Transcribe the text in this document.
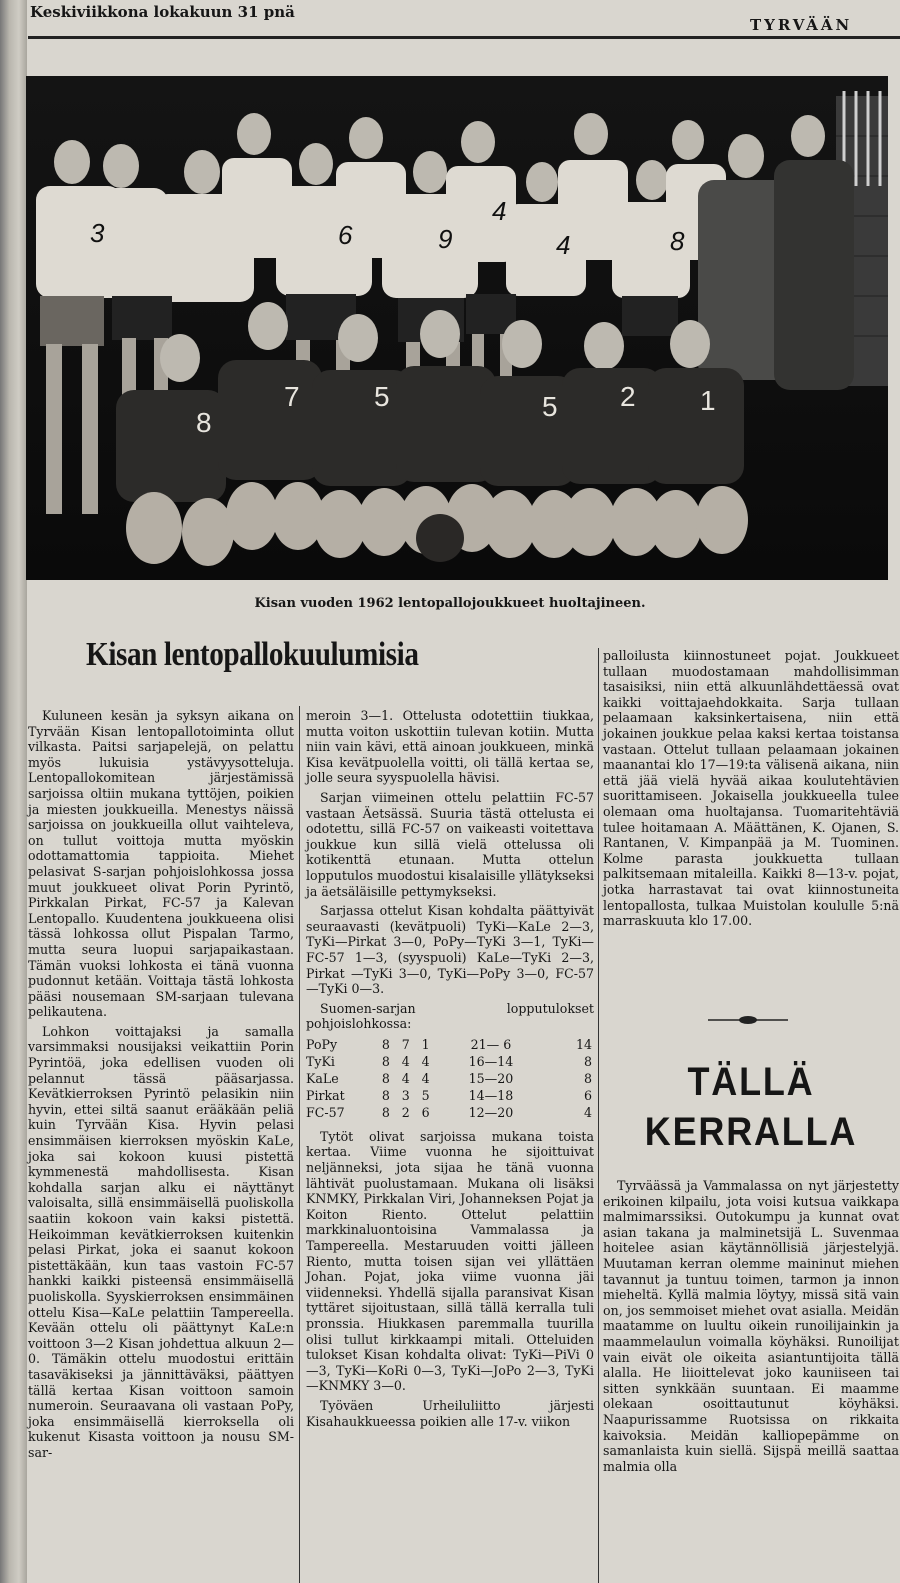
Keskiviikkona lokakuun 31 pnä
TYRVÄÄN
3	6	9
4
4	8
8
7	5	5 2 1
Kisan vuoden 1962 lentopallojoukkueet huoltajineen.
Kisan lentopallokuulumisia

Kuluneen kesän ja syksyn aikana on Tyrvään Kisan lentopallotoiminta ollut vilkasta. Paitsi sarjapelejä, on pelattu myös lukuisia ystävyysotteluja. Lentopallokomitean järjestämissä sarjoissa oltiin mukana tyttöjen, poikien ja miesten joukkueilla. Menestys näissä sarjoissa on joukkueilla ollut vaihteleva, on tullut voittoja mutta myöskin odottamattomia tappioita. Miehet pelasivat S-sarjan pohjoislohkossa jossa muut joukkueet olivat Porin Pyrintö, Pirkkalan Pirkat, FC-57 ja Kalevan Lentopallo. Kuudentena joukkueena olisi tässä lohkossa ollut Pispalan Tarmo, mutta seura luopui sarjapaikastaan. Tämän vuoksi lohkosta ei tänä vuonna pudonnut ketään. Voittaja tästä lohkosta pääsi nousemaan SM-sarjaan tulevana pelikautena.

Lohkon voittajaksi ja samalla varsimmaksi nousijaksi veikattiin Porin Pyrintöä, joka edellisen vuoden oli pelannut tässä pääsarjassa. Kevätkierroksen Pyrintö pelasikin niin hyvin, ettei siltä saanut erääkään peliä kuin Tyrvään Kisa. Hyvin pelasi ensimmäisen kierroksen myöskin KaLe, joka sai kokoon kuusi pistettä kymmenestä mahdollisesta. Kisan kohdalla sarjan alku ei näyttänyt valoisalta, sillä ensimmäisellä puoliskolla saatiin kokoon vain kaksi pistettä. Heikoimman kevätkierroksen kuitenkin pelasi Pirkat, joka ei saanut kokoon pistettäkään, kun taas vastoin FC-57 hankki kaikki pisteensä ensimmäisellä puoliskolla. Syyskierroksen ensimmäinen ottelu Kisa—KaLe pelattiin Tampereella. Kevään ottelu oli päättynyt KaLe:n voittoon 3—2 Kisan johdettua alkuun 2—0. Tämäkin ottelu muodostui erittäin tasaväkiseksi ja jännittäväksi, päättyen tällä kertaa Kisan voittoon samoin numeroin. Seuraavana oli vastaan PoPy, joka ensimmäisellä kierroksella oli kukenut Kisasta voittoon ja nousu SM-sar-

meroin 3—1. Ottelusta odotettiin tiukkaa, mutta voiton uskottiin tulevan kotiin. Mutta niin vain kävi, että ainoan joukkueen, minkä Kisa kevätpuolella voitti, oli tällä kertaa se, jolle seura syyspuolella hävisi.

Sarjan viimeinen ottelu pelattiin FC-57 vastaan Äetsässä. Suuria tästä ottelusta ei odotettu, sillä FC-57 on vaikeasti voitettava joukkue kun sillä vielä ottelussa oli kotikenttä etunaan. Mutta ottelun lopputulos muodostui kisalaisille yllätykseksi ja äetsäläisille pettymykseksi.

Sarjassa ottelut Kisan kohdalta päättyivät seuraavasti (kevätpuoli) TyKi—KaLe 2—3, TyKi—Pirkat 3—0, PoPy—TyKi 3—1, TyKi—FC-57 1—3, (syyspuoli) KaLe—TyKi 2—3, Pirkat —TyKi 3—0, TyKi—PoPy 3—0, FC-57—TyKi 0—3.

Suomen-sarjan lopputulokset pohjoislohkossa:

PoPy	8	7	1	21— 6	14
TyKi	8	4	4	16—14	8
KaLe	8	4	4	15—20	8
Pirkat	8	3	5	14—18	6
FC-57	8	2	6	12—20	4

Tytöt olivat sarjoissa mukana toista kertaa. Viime vuonna he sijoittuivat neljänneksi, jota sijaa he tänä vuonna lähtivät puolustamaan. Mukana oli lisäksi KNMKY, Pirkkalan Viri, Johanneksen Pojat ja Koiton Riento. Ottelut pelattiin markkinaluontoisina Vammalassa ja Tampereella. Mestaruuden voitti jälleen Riento, mutta toisen sijan vei yllättäen Johan. Pojat, joka viime vuonna jäi viidenneksi. Yhdellä sijalla paransivat Kisan tyttäret sijoitustaan, sillä tällä kerralla tuli pronssia. Hiukkasen paremmalla tuurilla olisi tullut kirkkaampi mitali. Otteluiden tulokset Kisan kohdalta olivat: TyKi—PiVi 0—3, TyKi—KoRi 0—3, TyKi—JoPo 2—3, TyKi—KNMKY 3—0.

Työväen Urheiluliitto järjesti Kisahaukkueessa poikien alle 17-v. viikon

palloilusta kiinnostuneet pojat. Joukkueet tullaan muodostamaan mahdollisimman tasaisiksi, niin että alkuunlähdettäessä ovat kaikki voittajaehdokkaita. Sarja tullaan pelaamaan kaksinkertaisena, niin että jokainen joukkue pelaa kaksi kertaa toistansa vastaan. Ottelut tullaan pelaamaan jokainen maanantai klo 17—19:ta välisenä aikana, niin että jää vielä hyvää aikaa koulutehtävien suorittamiseen. Jokaisella joukkueella tulee olemaan oma huoltajansa. Tuomaritehtäviä tulee hoitamaan A. Määttänen, K. Ojanen, S. Rantanen, V. Kimpanpää ja M. Tuominen. Kolme parasta joukkuetta tullaan palkitsemaan mitaleilla. Kaikki 8—13-v. pojat, jotka harrastavat tai ovat kiinnostuneita lentopallosta, tulkaa Muistolan koululle 5:nä marraskuuta klo 17.00.

TÄLLÄ
KERRALLA

Tyrväässä ja Vammalassa on nyt järjestetty erikoinen kilpailu, jota voisi kutsua vaikkapa malmimarssiksi. Outokumpu ja kunnat ovat asian takana ja malminetsijä L. Suvenmaa hoitelee asian käytännöllisiä järjestelyjä. Muutaman kerran olemme maininut miehen tavannut ja tuntuu toimen, tarmon ja innon mieheltä. Kyllä malmia löytyy, missä sitä vain on, jos semmoiset miehet ovat asialla. Meidän maatamme on luultu oikein runoilijainkin ja maammelaulun voimalla köyhäksi. Runoilijat vain eivät ole oikeita asiantuntijoita tällä alalla. He liioittelevat joko kauniiseen tai sitten synkkään suuntaan. Ei maamme olekaan osoittautunut köyhäksi. Naapurissamme Ruotsissa on rikkaita kaivoksia. Meidän kalliopерämme on samanlaista kuin siellä. Sijspä meillä saattaa malmia olla
